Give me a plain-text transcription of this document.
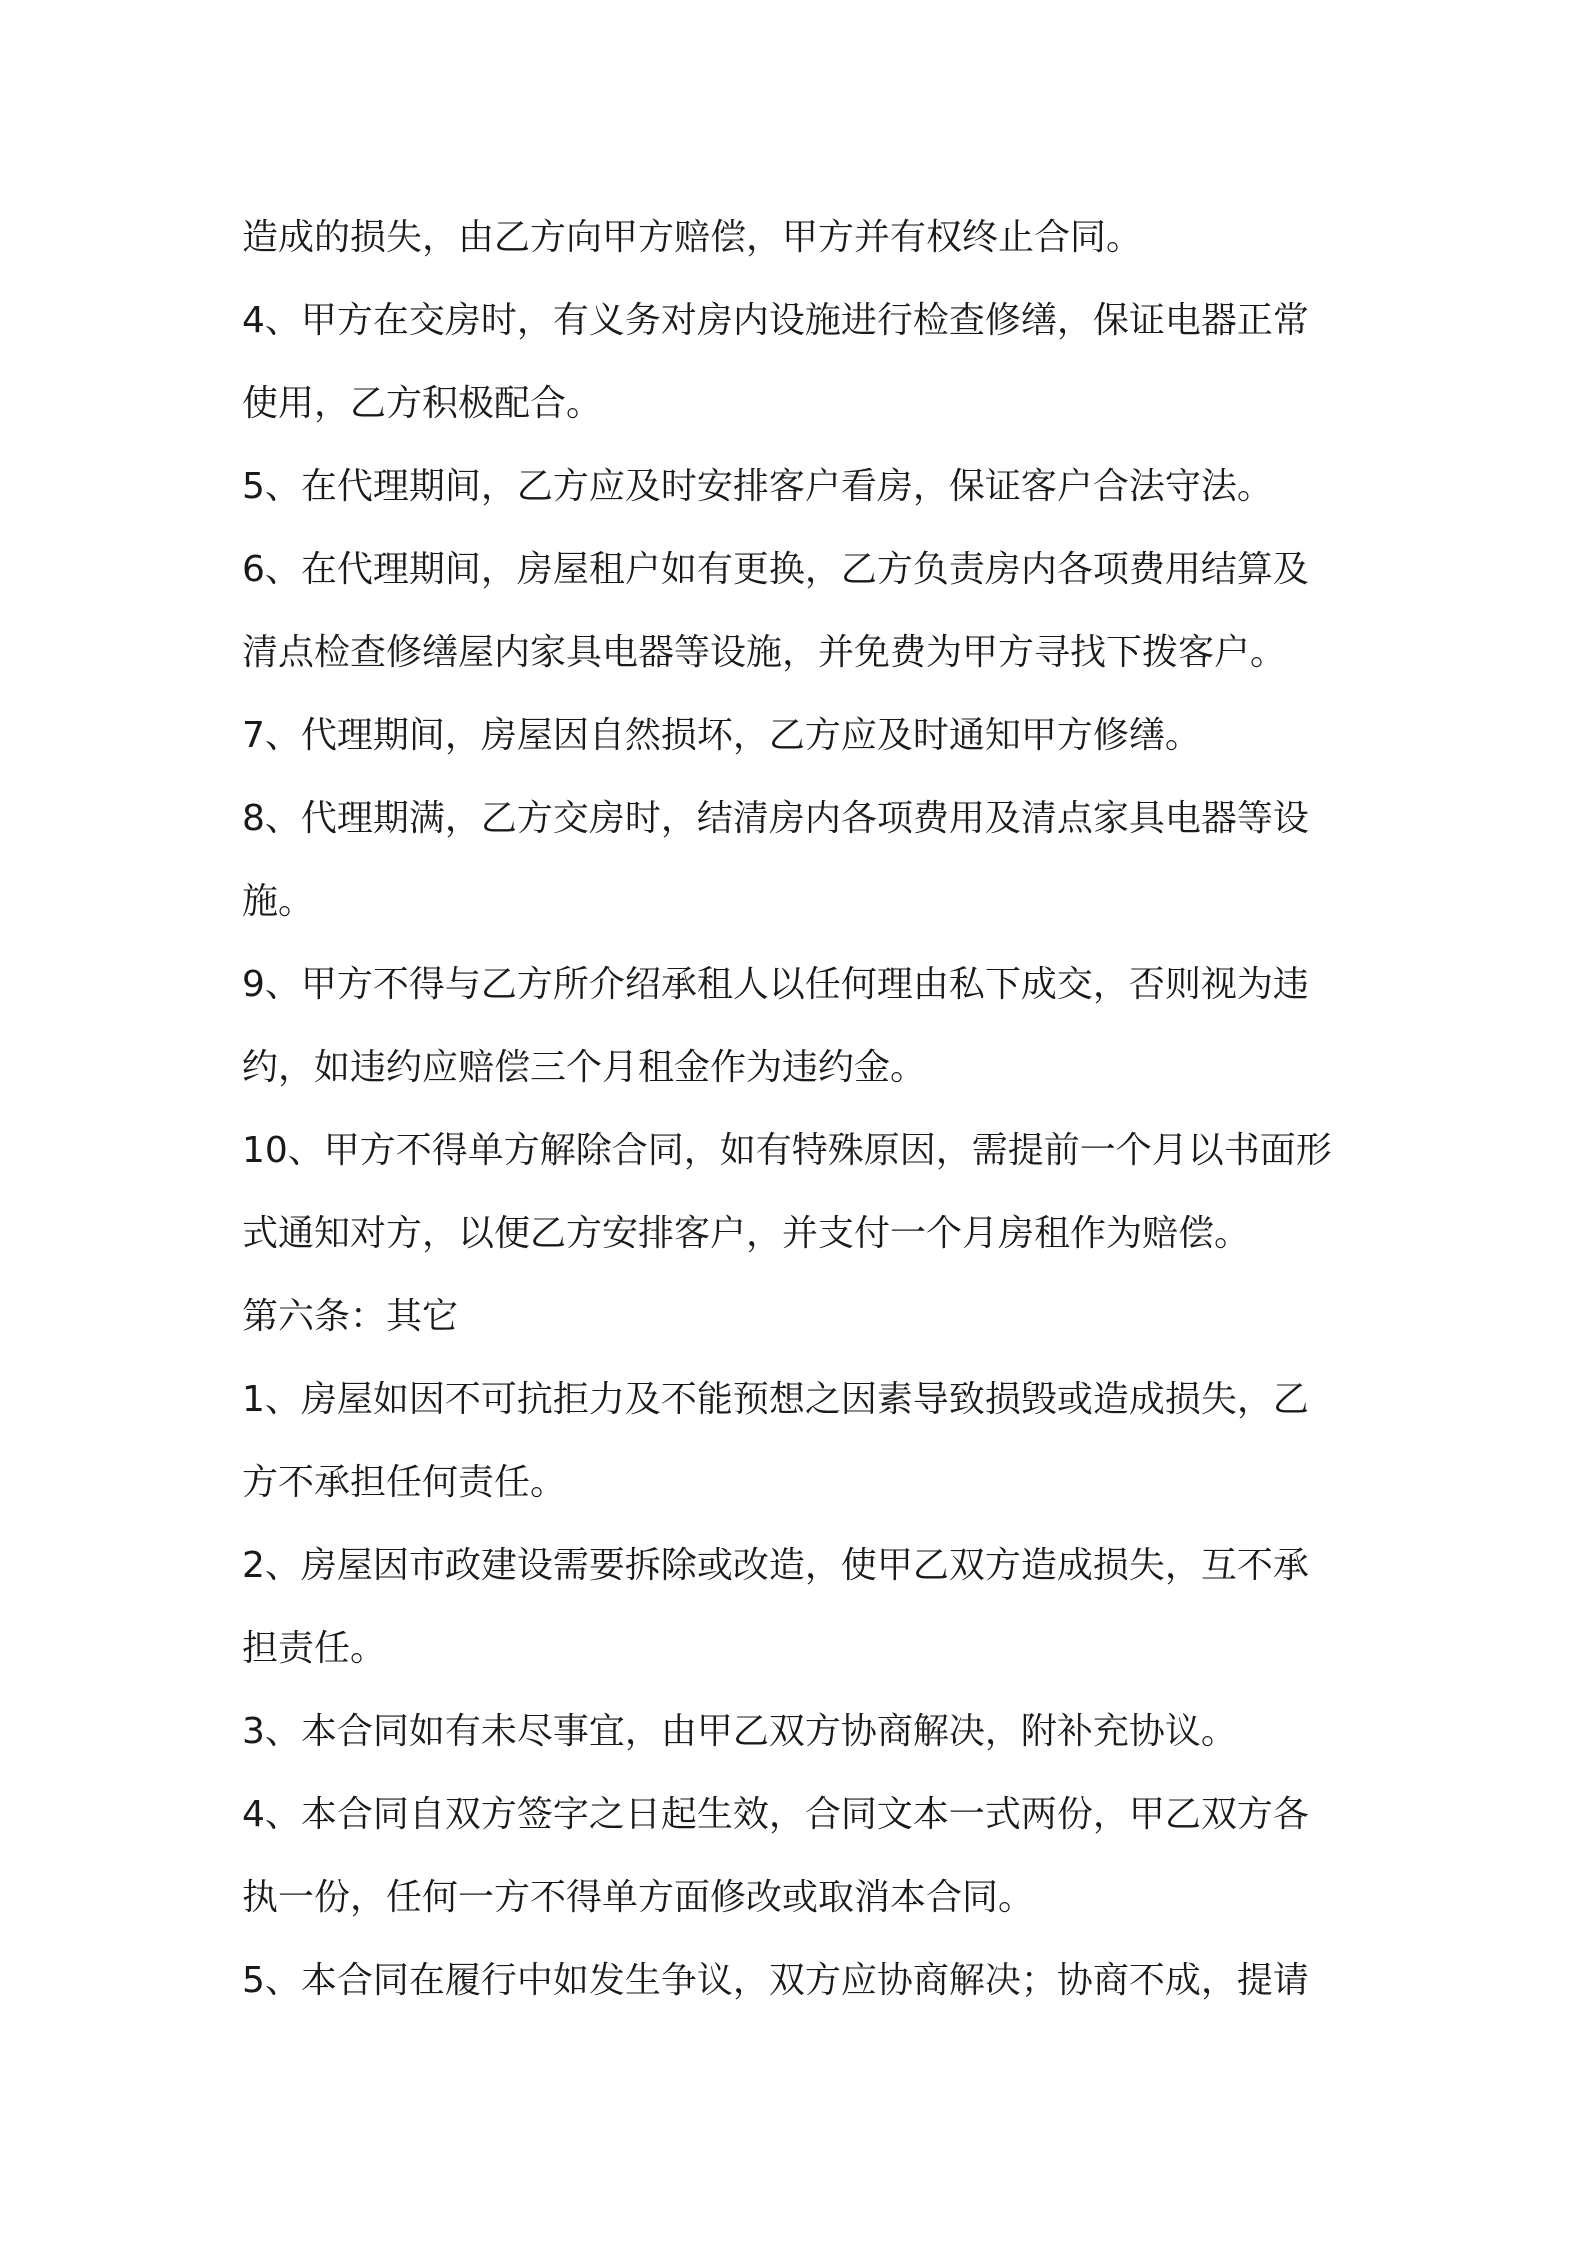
造成的损失，由乙方向甲方赔偿，甲方并有权终止合同。
4、甲方在交房时，有义务对房内设施进行检查修缮，保证电器正常
使用，乙方积极配合。
5、在代理期间，乙方应及时安排客户看房，保证客户合法守法。
6、在代理期间，房屋租户如有更换，乙方负责房内各项费用结算及
清点检查修缮屋内家具电器等设施，并免费为甲方寻找下拨客户。
7、代理期间，房屋因自然损坏，乙方应及时通知甲方修缮。
8、代理期满，乙方交房时，结清房内各项费用及清点家具电器等设
施。
9、甲方不得与乙方所介绍承租人以任何理由私下成交，否则视为违
约，如违约应赔偿三个月租金作为违约金。
10、甲方不得单方解除合同，如有特殊原因，需提前一个月以书面形
式通知对方，以便乙方安排客户，并支付一个月房租作为赔偿。
第六条：其它
1、房屋如因不可抗拒力及不能预想之因素导致损毁或造成损失，乙
方不承担任何责任。
2、房屋因市政建设需要拆除或改造，使甲乙双方造成损失，互不承
担责任。
3、本合同如有未尽事宜，由甲乙双方协商解决，附补充协议。
4、本合同自双方签字之日起生效，合同文本一式两份，甲乙双方各
执一份，任何一方不得单方面修改或取消本合同。
5、本合同在履行中如发生争议，双方应协商解决；协商不成，提请
